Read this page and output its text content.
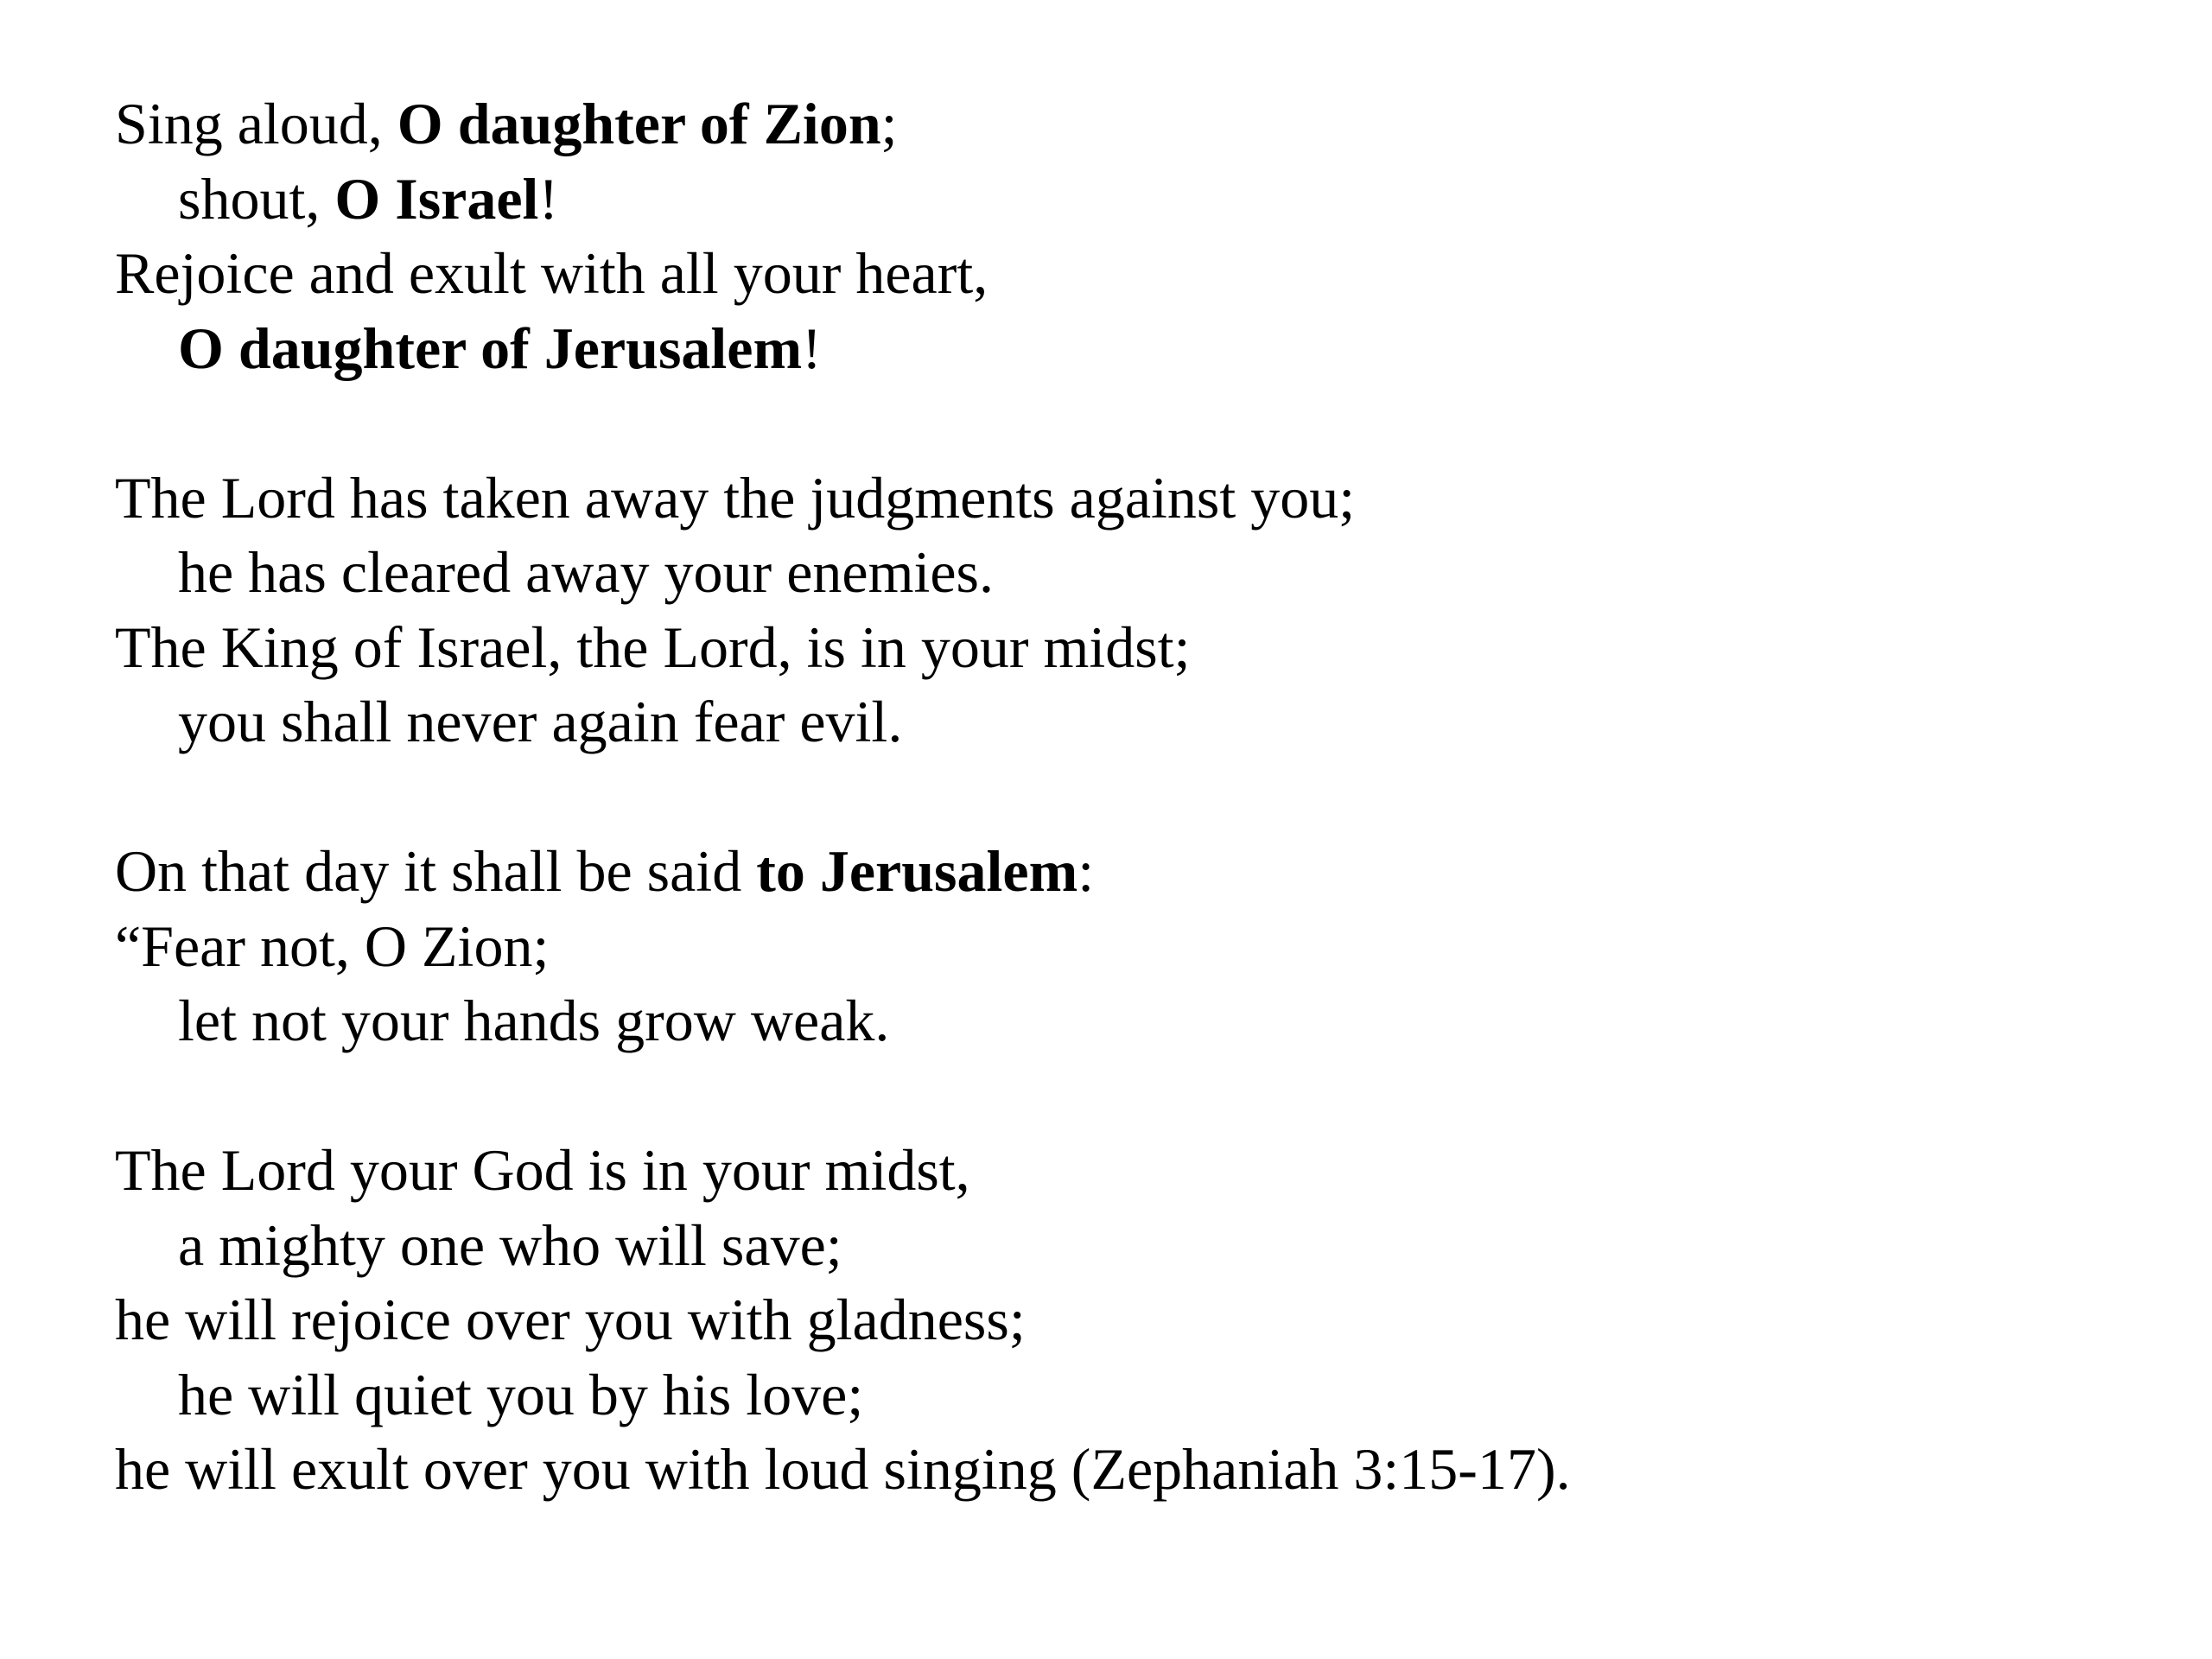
Sing aloud, O daughter of Zion;
shout, O Israel!
Rejoice and exult with all your heart,
O daughter of Jerusalem!
The Lord has taken away the judgments against you;
he has cleared away your enemies.
The King of Israel, the Lord, is in your midst;
you shall never again fear evil.
On that day it shall be said to Jerusalem:
“Fear not, O Zion;
let not your hands grow weak.
The Lord your God is in your midst,
a mighty one who will save;
he will rejoice over you with gladness;
he will quiet you by his love;
he will exult over you with loud singing (Zephaniah 3:15-17).
